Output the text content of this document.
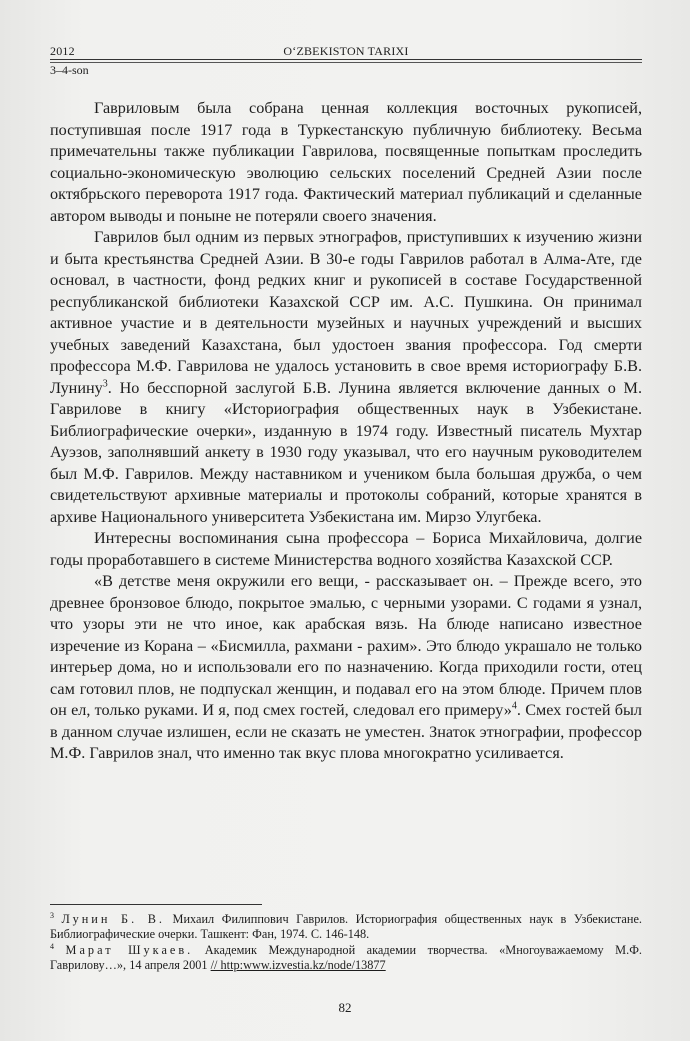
2012	O‘ZBEKISTON TARIXI
3–4-son

Гавриловым была собрана ценная коллекция восточных рукописей, поступившая после 1917 года в Туркестанскую публичную библиотеку. Весьма примечательны также публикации Гаврилова, посвященные попыткам проследить социально-экономическую эволюцию сельских поселений Средней Азии после октябрьского переворота 1917 года. Фактический материал публикаций и сделанные автором выводы и поныне не потеряли своего значения.

Гаврилов был одним из первых этнографов, приступивших к изучению жизни и быта крестьянства Средней Азии. В 30-е годы Гаврилов работал в Алма-Ате, где основал, в частности, фонд редких книг и рукописей в составе Государственной республиканской библиотеки Казахской ССР им. А.С. Пушкина. Он принимал активное участие и в деятельности музейных и научных учреждений и высших учебных заведений Казахстана, был удостоен звания профессора. Год смерти профессора М.Ф. Гаврилова не удалось установить в свое время историографу Б.В. Лунину$^3$. Но бесспорной заслугой Б.В. Лунина является включение данных о М. Гаврилове в книгу «Историография общественных наук в Узбекистане. Библиографические очерки», изданную в 1974 году. Известный писатель Мухтар Ауэзов, заполнявший анкету в 1930 году указывал, что его научным руководителем был М.Ф. Гаврилов. Между наставником и учеником была большая дружба, о чем свидетельствуют архивные материалы и протоколы собраний, которые хранятся в архиве Национального университета Узбекистана им. Мирзо Улугбека.

Интересны воспоминания сына профессора – Бориса Михайловича, долгие годы проработавшего в системе Министерства водного хозяйства Казахской ССР.

«В детстве меня окружили его вещи, - рассказывает он. – Прежде всего, это древнее бронзовое блюдо, покрытое эмалью, с черными узорами. С годами я узнал, что узоры эти не что иное, как арабская вязь. На блюде написано известное изречение из Корана – «Бисмилла, рахмани - рахим». Это блюдо украшало не только интерьер дома, но и использовали его по назначению. Когда приходили гости, отец сам готовил плов, не подпускал женщин, и подавал его на этом блюде. Причем плов он ел, только руками. И я, под смех гостей, следовал его примеру»$^4$. Смех гостей был в данном случае излишен, если не сказать не уместен. Знаток этнографии, профессор М.Ф. Гаврилов знал, что именно так вкус плова многократно усиливается.

$^3$ Лунин Б. В. Михаил Филиппович Гаврилов. Историография общественных наук в Узбекистане. Библиографические очерки. Ташкент: Фан, 1974. С. 146-148.

$^4$ Марат Шукаев. Академик Международной академии творчества. «Многоуважаемому М.Ф. Гаврилову…», 14 апреля 2001 // http:www.izvestia.kz/node/13877

82
